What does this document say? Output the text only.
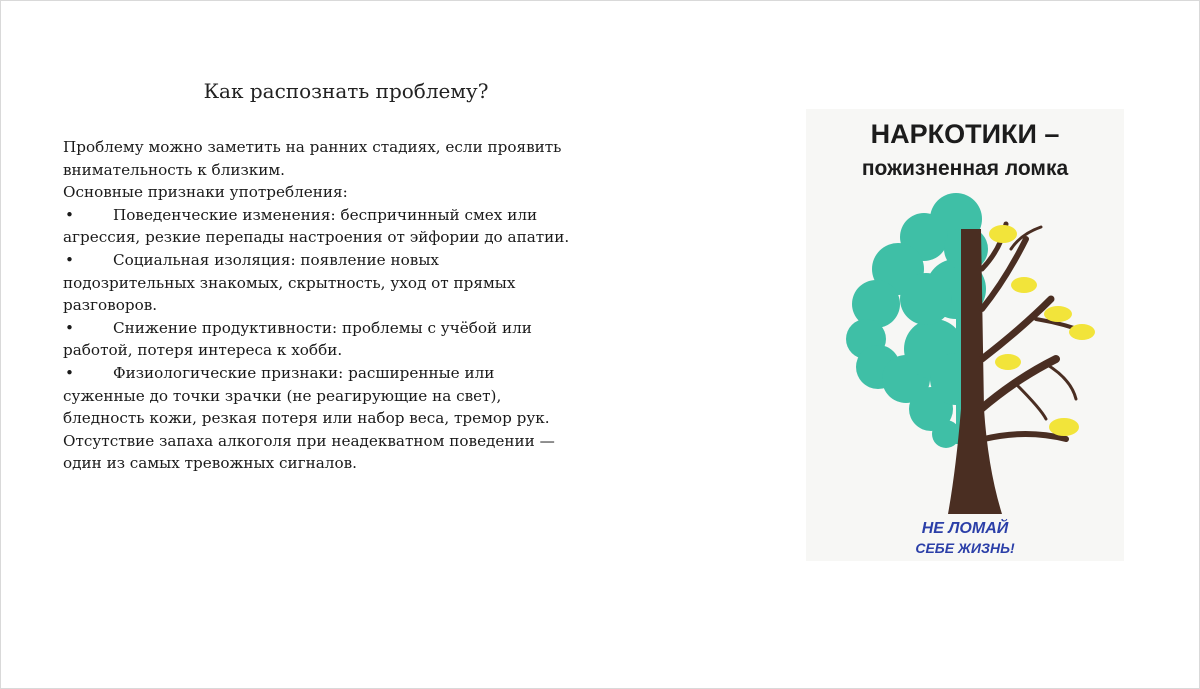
Как распознать проблему?

Проблему можно заметить на ранних стадиях, если проявить

внимательность к близким.

Основные признаки употребления:

•	Поведенческие изменения: беспричинный смех или

агрессия, резкие перепады настроения от эйфории до апатии.

•	Социальная изоляция: появление новых

подозрительных знакомых, скрытность, уход от прямых

разговоров.

•	Снижение продуктивности: проблемы с учёбой или

работой, потеря интереса к хобби.

•	Физиологические признаки: расширенные или

суженные до точки зрачки (не реагирующие на свет),

бледность кожи, резкая потеря или набор веса, тремор рук.

Отсутствие запаха алкоголя при неадекватном поведении —

один из самых тревожных сигналов.

НАРКОТИКИ –
пожизненная ломка
НЕ ЛОМАЙ
СЕБЕ ЖИЗНЬ!
